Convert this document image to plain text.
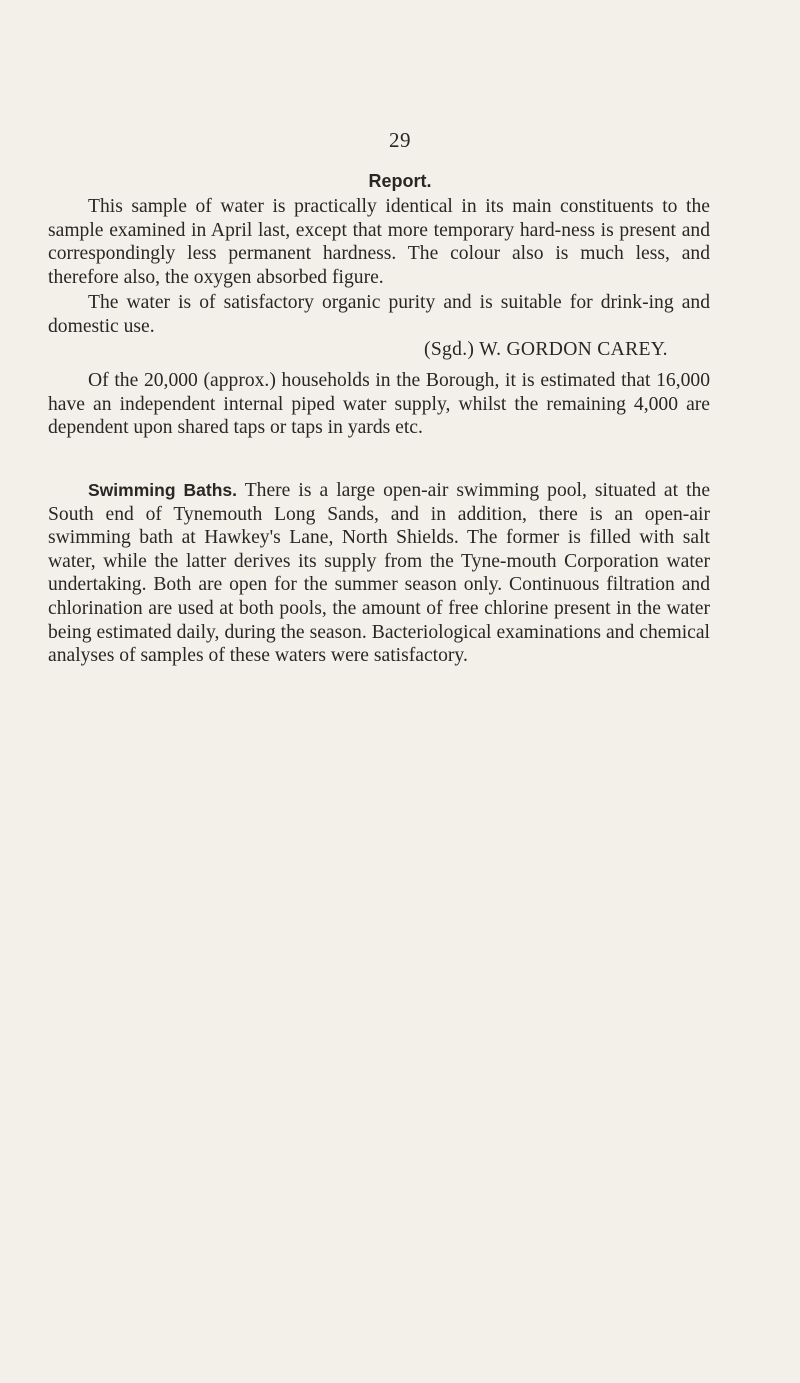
29
Report.

This sample of water is practically identical in its main constituents to the sample examined in April last, except that more temporary hard-ness is present and correspondingly less permanent hardness. The colour also is much less, and therefore also, the oxygen absorbed figure.

The water is of satisfactory organic purity and is suitable for drink-ing and domestic use.

(Sgd.) W. GORDON CAREY.

Of the 20,000 (approx.) households in the Borough, it is estimated that 16,000 have an independent internal piped water supply, whilst the remaining 4,000 are dependent upon shared taps or taps in yards etc.

Swimming Baths. There is a large open-air swimming pool, situated at the South end of Tynemouth Long Sands, and in addition, there is an open-air swimming bath at Hawkey's Lane, North Shields. The former is filled with salt water, while the latter derives its supply from the Tyne-mouth Corporation water undertaking. Both are open for the summer season only. Continuous filtration and chlorination are used at both pools, the amount of free chlorine present in the water being estimated daily, during the season. Bacteriological examinations and chemical analyses of samples of these waters were satisfactory.
